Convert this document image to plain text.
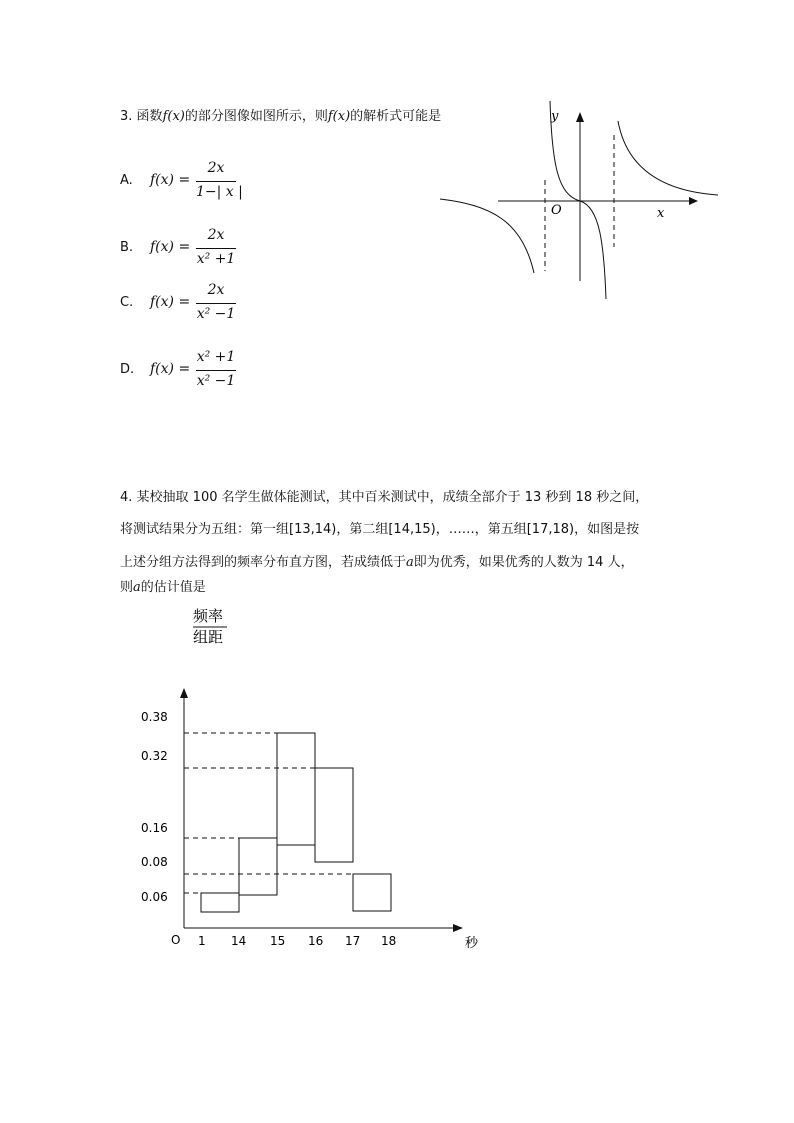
3. 函数f(x)的部分图像如图所示，则f(x)的解析式可能是
A. f(x) =
2x
1−| x |
B. f(x) =
2x
x² +1
C. f(x) =
2x
x² −1
D. f(x) =
x² +1
x² −1
y
x
O
4. 某校抽取 100 名学生做体能测试，其中百米测试中，成绩全部介于 13 秒到 18 秒之间，
将测试结果分为五组：第一组[13,14)，第二组[14,15)，……，第五组[17,18)，如图是按
上述分组方法得到的频率分布直方图，若成绩低于a即为优秀，如果优秀的人数为 14 人，
则a的估计值是
频率
组距
O	秒
0.38
0.32
0.16
0.08
0.06
1 14 15 16 17 18
